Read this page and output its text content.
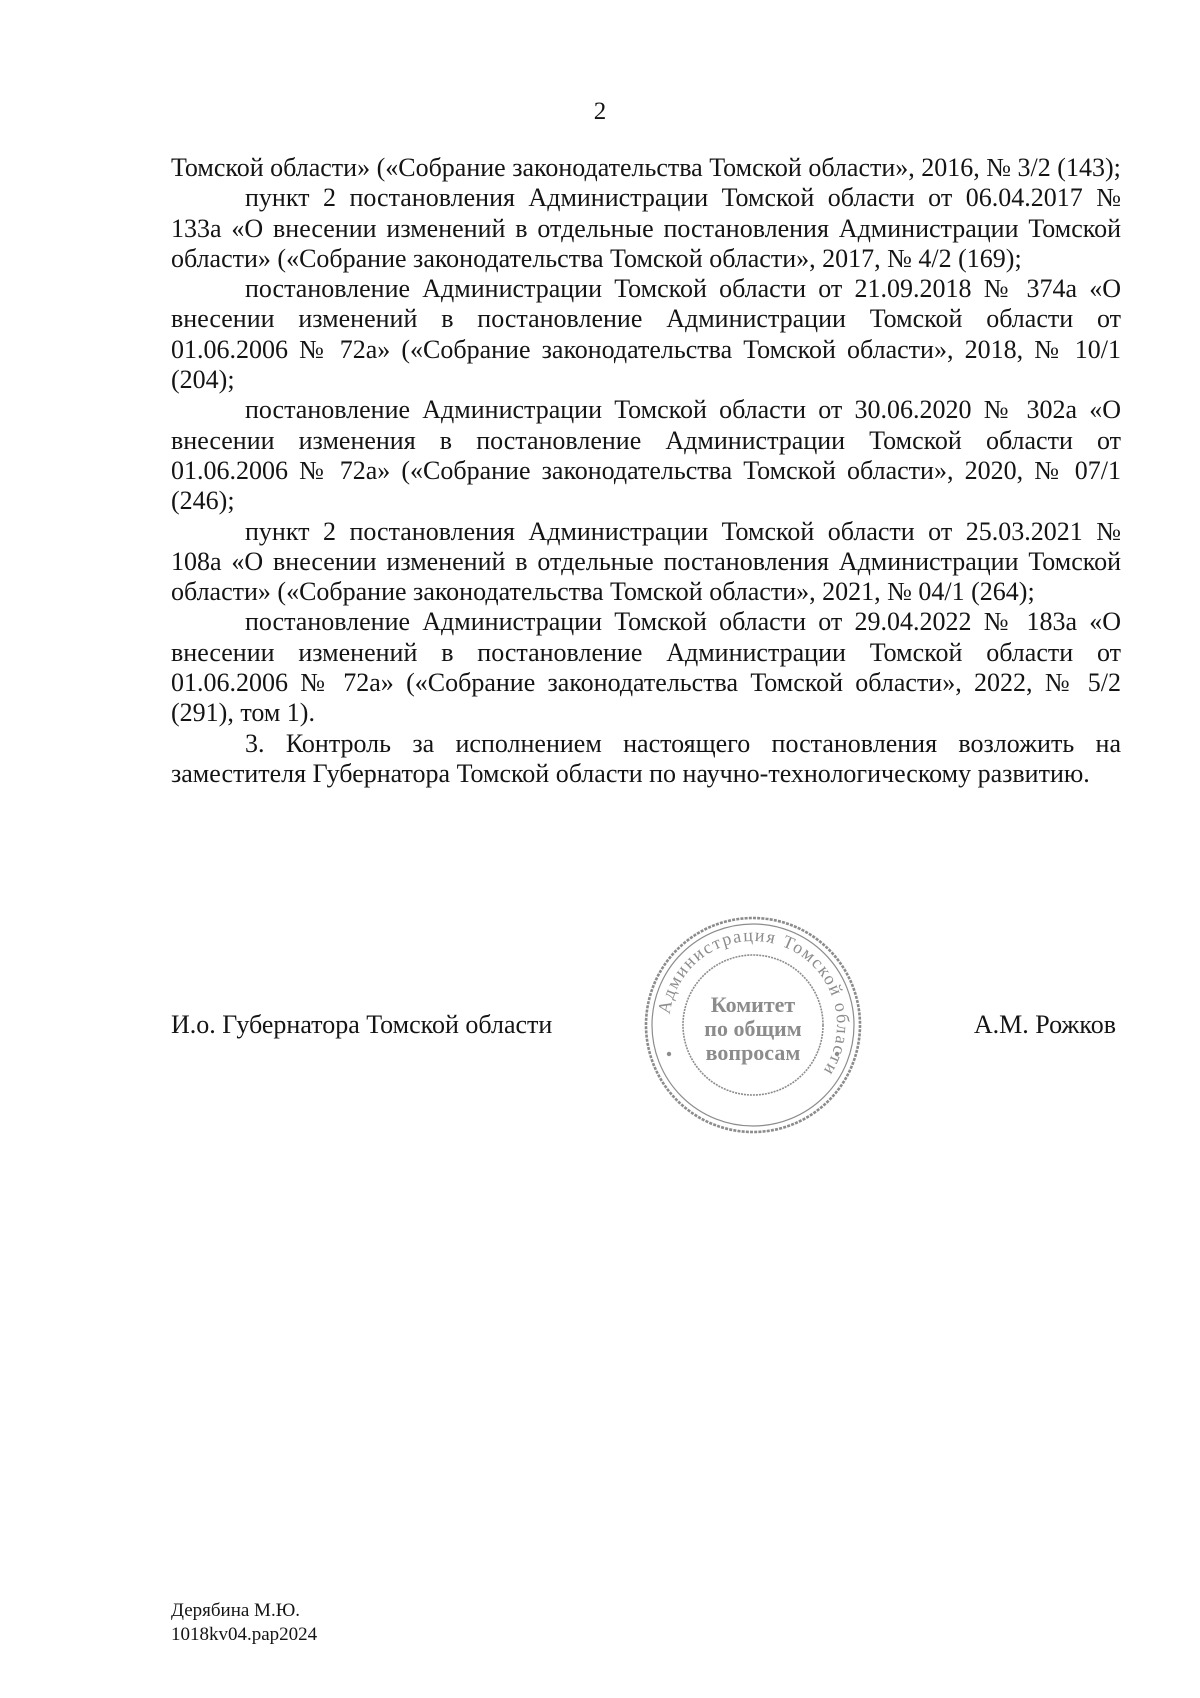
2

Томской области» («Собрание законодательства Томской области», 2016, № 3/2 (143);

пункт 2 постановления Администрации Томской области от 06.04.2017 № 133а «О внесении изменений в отдельные постановления Администрации Томской области» («Собрание законодательства Томской области», 2017, № 4/2 (169);

постановление Администрации Томской области от 21.09.2018 № 374а «О внесении изменений в постановление Администрации Томской области от 01.06.2006 № 72а» («Собрание законодательства Томской области», 2018, № 10/1 (204);

постановление Администрации Томской области от 30.06.2020 № 302а «О внесении изменения в постановление Администрации Томской области от 01.06.2006 № 72а» («Собрание законодательства Томской области», 2020, № 07/1 (246);

пункт 2 постановления Администрации Томской области от 25.03.2021 № 108а «О внесении изменений в отдельные постановления Администрации Томской области» («Собрание законодательства Томской области», 2021, № 04/1 (264);

постановление Администрации Томской области от 29.04.2022 № 183а «О внесении изменений в постановление Администрации Томской области от 01.06.2006 № 72а» («Собрание законодательства Томской области», 2022, № 5/2 (291), том 1).

3. Контроль за исполнением настоящего постановления возложить на заместителя Губернатора Томской области по научно-технологическому развитию.

И.о. Губернатора Томской области	А.М. Рожков
Администрация Томской области
Комитет
по общим
вопросам
Дерябина М.Ю.
1018kv04.pap2024
